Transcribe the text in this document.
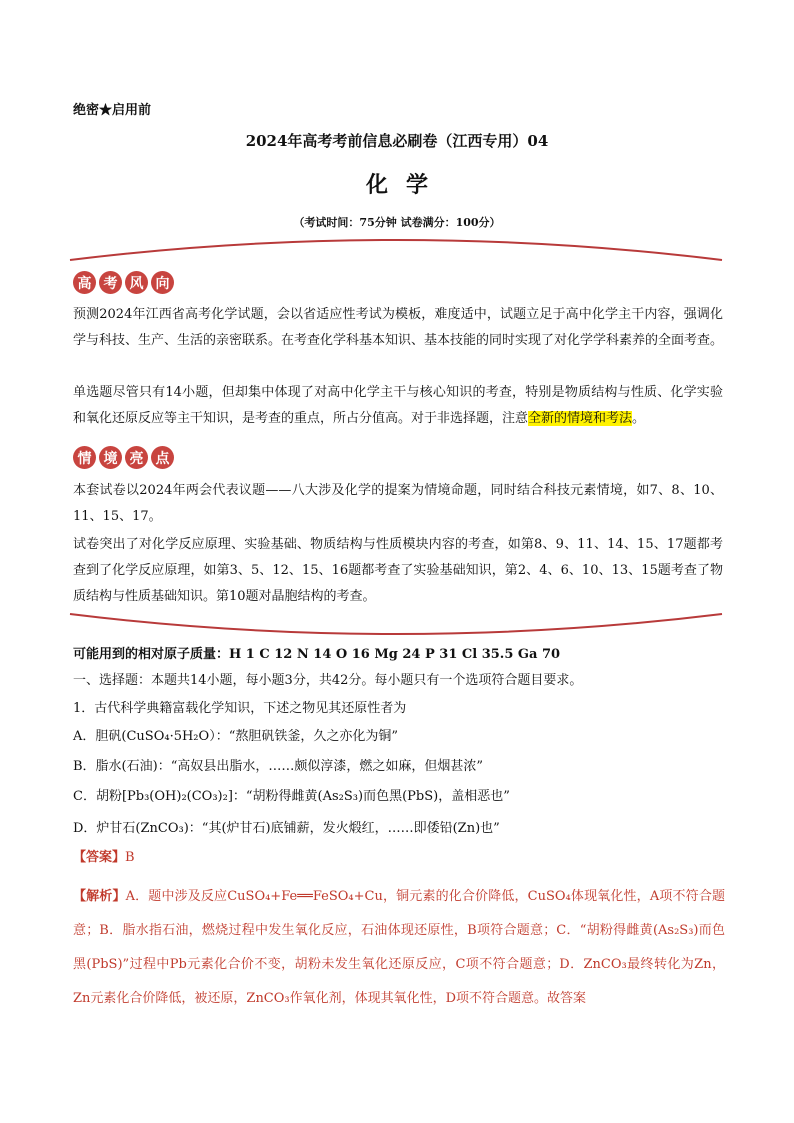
绝密★启用前
2024年高考考前信息必刷卷（江西专用）04
化学
（考试时间：75分钟 试卷满分：100分）
高 考 风 向
预测2024年江西省高考化学试题，会以省适应性考试为模板，难度适中，试题立足于高中化学主干内容，强调化学与科技、生产、生活的亲密联系。在考查化学科基本知识、基本技能的同时实现了对化学学科素养的全面考查。
单选题尽管只有14小题，但却集中体现了对高中化学主干与核心知识的考查，特别是物质结构与性质、化学实验和氧化还原反应等主干知识，是考查的重点，所占分值高。对于非选择题，注意全新的情境和考法。
情 境 亮 点
本套试卷以2024年两会代表议题——八大涉及化学的提案为情境命题，同时结合科技元素情境，如7、8、10、11、15、17。
试卷突出了对化学反应原理、实验基础、物质结构与性质模块内容的考查，如第8、9、11、14、15、17题都考查到了化学反应原理，如第3、5、12、15、16题都考查了实验基础知识，第2、4、6、10、13、15题考查了物质结构与性质基础知识。第10题对晶胞结构的考查。
可能用到的相对原子质量：H 1 C 12 N 14 O 16 Mg 24 P 31 Cl 35.5 Ga 70
一、选择题：本题共14小题，每小题3分，共42分。每小题只有一个选项符合题目要求。
1．古代科学典籍富载化学知识，下述之物见其还原性者为
A．胆矾(CuSO₄·5H₂O）：“熬胆矾铁釜，久之亦化为铜”
B．脂水(石油)：“高奴县出脂水，……颇似淳漆，燃之如麻，但烟甚浓”
C．胡粉[Pb₃(OH)₂(CO₃)₂]：“胡粉得雌黄(As₂S₃)而色黑(PbS)，盖相恶也”
D．炉甘石(ZnCO₃)：“其(炉甘石)底铺薪，发火煅红，……即倭铅(Zn)也”
【答案】B
【解析】A．题中涉及反应CuSO₄+Fe══FeSO₄+Cu，铜元素的化合价降低，CuSO₄体现氧化性，A项不符合题意；B．脂水指石油，燃烧过程中发生氧化反应，石油体现还原性，B项符合题意；C．“胡粉得雌黄(As₂S₃)而色黑(PbS)”过程中Pb元素化合价不变，胡粉未发生氧化还原反应，C项不符合题意；D．ZnCO₃最终转化为Zn，Zn元素化合价降低，被还原，ZnCO₃作氧化剂，体现其氧化性，D项不符合题意。故答案
